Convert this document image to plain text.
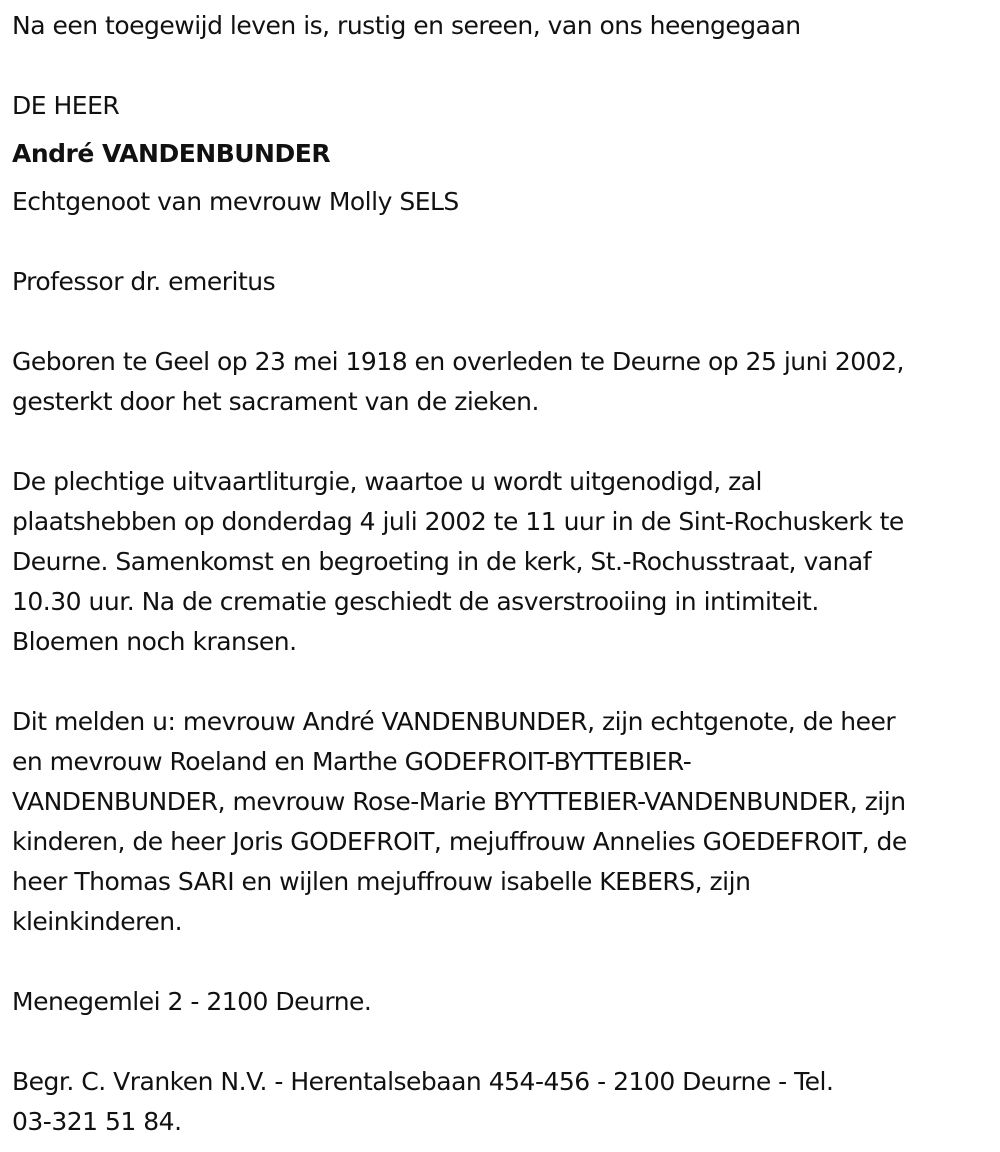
Na een toegewijd leven is, rustig en sereen, van ons heengegaan

DE HEER

André VANDENBUNDER

Echtgenoot van mevrouw Molly SELS

Professor dr. emeritus

Geboren te Geel op 23 mei 1918 en overleden te Deurne op 25 juni 2002,

gesterkt door het sacrament van de zieken.

De plechtige uitvaartliturgie, waartoe u wordt uitgenodigd, zal

plaatshebben op donderdag 4 juli 2002 te 11 uur in de Sint-Rochuskerk te

Deurne. Samenkomst en begroeting in de kerk, St.-Rochusstraat, vanaf

10.30 uur. Na de crematie geschiedt de asverstrooiing in intimiteit.

Bloemen noch kransen.

Dit melden u: mevrouw André VANDENBUNDER, zijn echtgenote, de heer

en mevrouw Roeland en Marthe GODEFROIT-BYTTEBIER-

VANDENBUNDER, mevrouw Rose-Marie BYYTTEBIER-VANDENBUNDER, zijn

kinderen, de heer Joris GODEFROIT, mejuffrouw Annelies GOEDEFROIT, de

heer Thomas SARI en wijlen mejuffrouw isabelle KEBERS, zijn

kleinkinderen.

Menegemlei 2 - 2100 Deurne.

Begr. C. Vranken N.V. - Herentalsebaan 454-456 - 2100 Deurne - Tel.

03-321 51 84.
